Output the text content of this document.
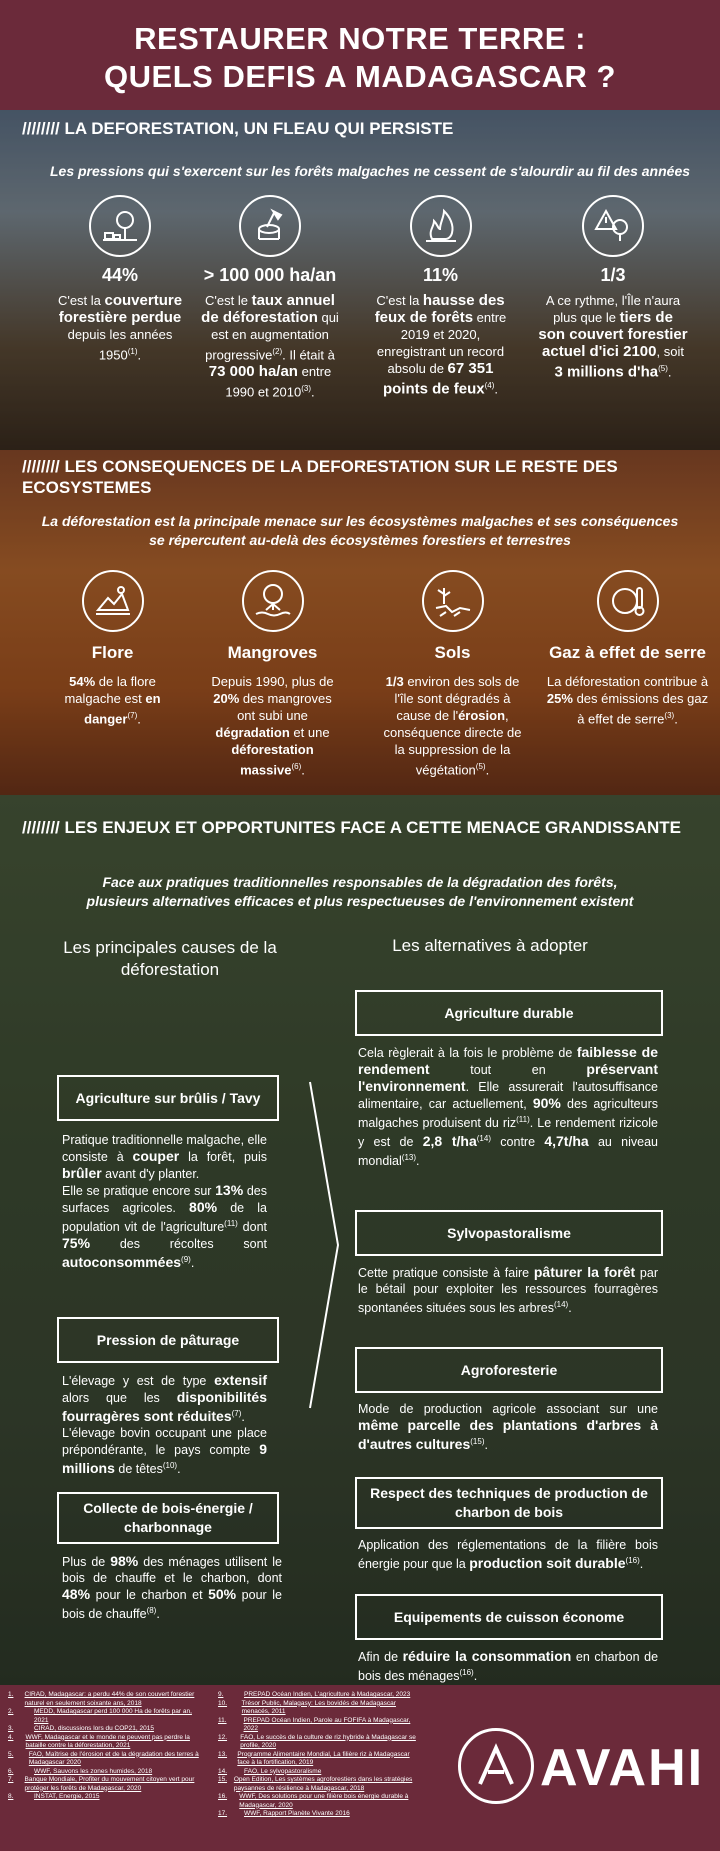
RESTAURER NOTRE TERRE :
QUELS DEFIS A MADAGASCAR ?
//////// LA DEFORESTATION, UN FLEAU QUI PERSISTE
Les pressions qui s'exercent sur les forêts malgaches ne cessent de s'alourdir au fil des années
44%
C'est la couverture forestière perdue depuis les années $1950^{(1)}$.
> 100 000 ha/an
C'est le taux annuel de déforestation qui est en augmentation progressive$^{(2)}$. Il était à 73 000 ha/an entre 1990 et 2010$^{(3)}$.
11%
C'est la hausse des feux de forêts entre 2019 et 2020, enregistrant un record absolu de 67 351 points de feux$^{(4)}$.
1/3
A ce rythme, l'Île n'aura plus que le tiers de son couvert forestier actuel d'ici 2100, soit 3 millions $d'ha^{(5)}$.
//////// LES CONSEQUENCES DE LA DEFORESTATION SUR LE RESTE DES ECOSYSTEMES
La déforestation est la principale menace sur les écosystèmes malgaches et ses conséquences se répercutent au-delà des écosystèmes forestiers et terrestres
Flore
54% de la flore malgache est en danger$^{(7)}$.
Mangroves
Depuis 1990, plus de 20% des mangroves ont subi une dégradation et une déforestation massive$^{(6)}$.
Sols
1/3 environ des sols de l'île sont dégradés à cause de l'érosion, conséquence directe de la suppression de la végétation$^{(5)}$.
Gaz à effet de serre
La déforestation contribue à 25% des émissions des gaz à effet de serre$^{(3)}$.
//////// LES ENJEUX ET OPPORTUNITES FACE A CETTE MENACE GRANDISSANTE
Face aux pratiques traditionnelles responsables de la dégradation des forêts,
plusieurs alternatives efficaces et plus respectueuses de l'environnement existent
Les principales causes de la déforestation
Les alternatives à adopter
Agriculture sur brûlis / Tavy
Pratique traditionnelle malgache, elle consiste à couper la forêt, puis brûler avant d'y planter.
Elle se pratique encore sur 13% des surfaces agricoles. 80% de la population vit de l'agriculture$^{(11)}$ dont 75% des récoltes sont autoconsommées$^{(9)}$.
Pression de pâturage
L'élevage y est de type extensif alors que les disponibilités fourragères sont réduites$^{(7)}$.
L'élevage bovin occupant une place prépondérante, le pays compte 9 millions de têtes$^{(10)}$.
Collecte de bois-énergie / charbonnage
Plus de 98% des ménages utilisent le bois de chauffe et le charbon, dont 48% pour le charbon et 50% pour le bois de chauffe$^{(8)}$.
Agriculture durable
Cela règlerait à la fois le problème de faiblesse de rendement tout en préservant l'environnement. Elle assurerait l'autosuffisance alimentaire, car actuellement, 90% des agriculteurs malgaches produisent du riz$^{(11)}$. Le rendement rizicole y est de 2,8 $t/ha^{(14)}$ contre 4,7t/ha au niveau mondial$^{(13)}$.
Sylvopastoralisme
Cette pratique consiste à faire pâturer la forêt par le bétail pour exploiter les ressources fourragères spontanées situées sous les arbres$^{(14)}$.
Agroforesterie
Mode de production agricole associant sur une même parcelle des plantations d'arbres à d'autres cultures$^{(15)}$.
Respect des techniques de production de charbon de bois
Application des réglementations de la filière bois énergie pour que la production soit durable$^{(16)}$.
Equipements de cuisson économe
Afin de réduire la consommation en charbon de bois des ménages$^{(16)}$.
1.	CIRAD, Madagascar: a perdu 44% de son couvert forestier naturel en seulement soixante ans, 2018
2.	MEDD, Madagascar perd 100 000 Ha de forêts par an, 2021
3.	CIRAD, discussions lors du COP21, 2015
4.	WWF, Madagascar et le monde ne peuvent pas perdre la bataille contre la déforestation, 2021
5.	FAO, Maîtrise de l'érosion et de la dégradation des terres à Madagascar 2020
6.	WWF, Sauvons les zones humides, 2018
7.	Banque Mondiale, Profiter du mouvement citoyen vert pour protéger les forêts de Madagascar, 2020
8.	INSTAT, Energie, 2015
9.	PREPAD Océan Indien, L'agriculture à Madagascar, 2023
10.	Trésor Public, Malagasy: Les bovidés de Madagascar menacés, 2011
11.	PREPAD Océan Indien, Parole au FOFIFA à Madagascar, 2022
12.	FAO, Le succès de la culture de riz hybride à Madagascar se profile, 2020
13.	Programme Alimentaire Mondial, La filière riz à Madagascar face à la fortification, 2019
14.	FAO, Le sylvopastoralisme
15.	Open Edition, Les systèmes agroforestiers dans les stratégies paysannes de résilience à Madagascar, 2018
16.	WWF, Des solutions pour une filière bois énergie durable à Madagascar, 2020
17.	WWF, Rapport Planète Vivante 2016
AVAHI
